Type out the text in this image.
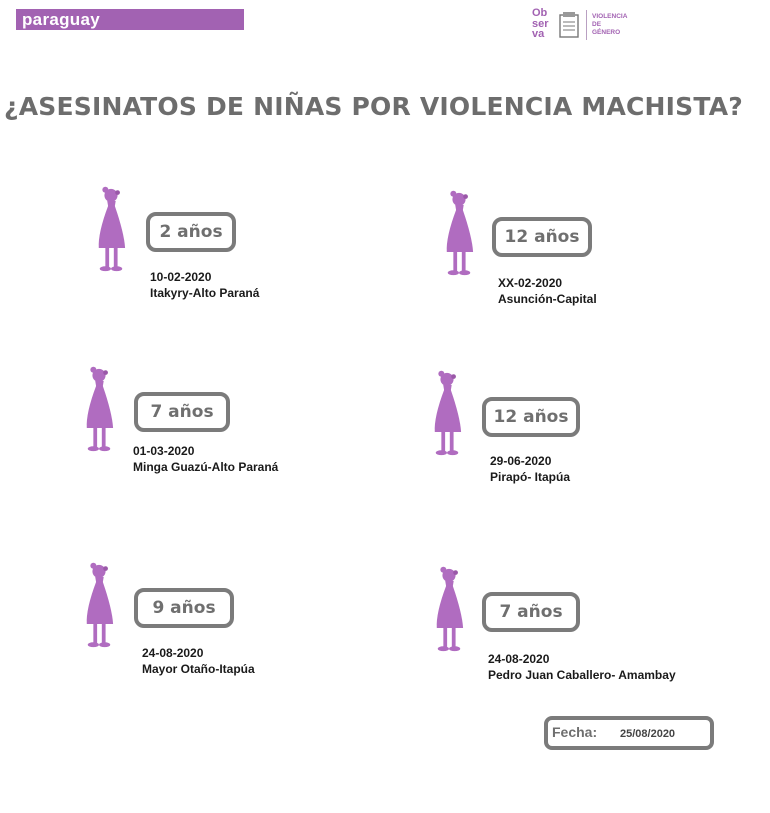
paraguay	Ob
ser
va
VIOLENCIA
DE
GÉNERO
¿ASESINATOS DE NIÑAS POR VIOLENCIA MACHISTA?
2 años
10-02-2020
Itakyry-Alto Paraná
12 años
XX-02-2020
Asunción-Capital
7 años
01-03-2020
Minga Guazú-Alto Paraná
12 años
29-06-2020
Pirapó- Itapúa
9 años
24-08-2020
Mayor Otaño-Itapúa
7 años
24-08-2020
Pedro Juan Caballero- Amambay
Fecha: 25/08/2020
